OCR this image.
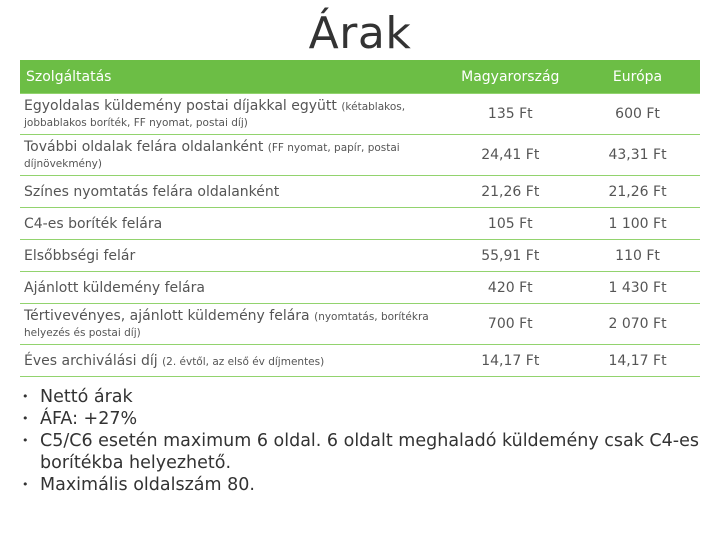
Árak
Szolgáltatás	Magyarország	Európa
Egyoldalas küldemény postai díjakkal együtt (kétablakos, jobbablakos boríték, FF nyomat, postai díj)	135 Ft	600 Ft
További oldalak felára oldalanként (FF nyomat, papír, postai díjnövekmény)	24,41 Ft	43,31 Ft
Színes nyomtatás felára oldalanként	21,26 Ft	21,26 Ft
C4-es boríték felára	105 Ft	1 100 Ft
Elsőbbségi felár	55,91 Ft	110 Ft
Ajánlott küldemény felára	420 Ft	1 430 Ft
Tértivevényes, ajánlott küldemény felára (nyomtatás, borítékra helyezés és postai díj)	700 Ft	2 070 Ft
Éves archiválási díj (2. évtől, az első év díjmentes)	14,17 Ft	14,17 Ft
• Nettó árak
• ÁFA: +27%
• C5/C6 esetén maximum 6 oldal. 6 oldalt meghaladó küldemény csak C4-es borítékba helyezhető.
• Maximális oldalszám 80.
